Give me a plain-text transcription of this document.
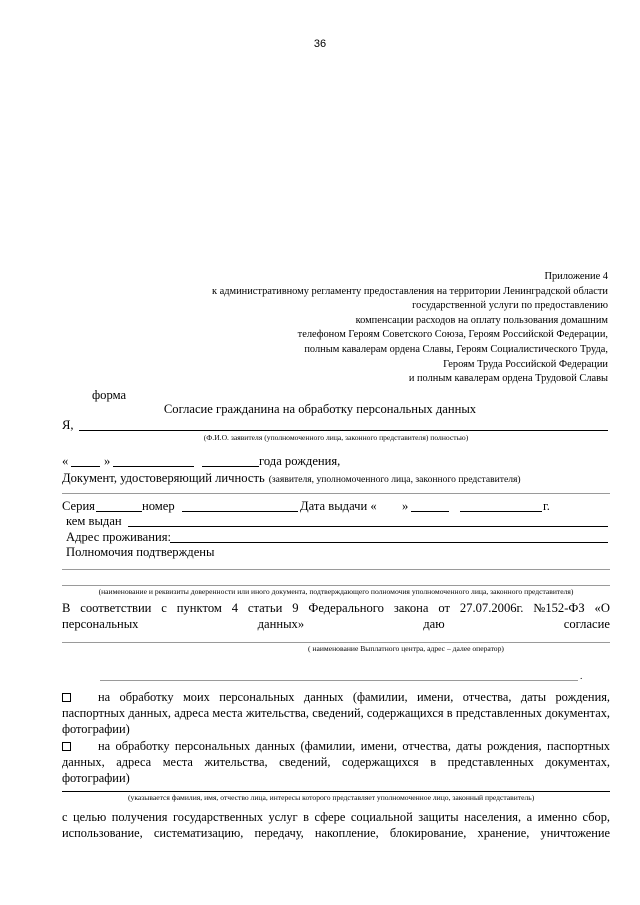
36
Приложение 4
к административному регламенту предоставления на территории Ленинградской области
государственной услуги по предоставлению
компенсации расходов на оплату пользования домашним
телефоном Героям Советского Союза, Героям Российской Федерации,
полным кавалерам ордена Славы, Героям Социалистического Труда,
Героям Труда Российской Федерации
и полным кавалерам ордена Трудовой Славы
форма
Согласие гражданина на обработку персональных данных
Я,
(Ф.И.О. заявителя (уполномоченного лица, законного представителя) полностью)
«	»	года рождения,
Документ, удостоверяющий личность (заявителя, уполномоченного лица, законного представителя)
Серия	номер	Дата выдачи « »	г.
кем выдан
Адрес проживания:
Полномочия подтверждены
(наименование и реквизиты доверенности или иного документа, подтверждающего полномочия уполномоченного лица, законного представителя)
В соответствии с пунктом 4 статьи 9 Федерального закона от 27.07.2006г. №152-ФЗ «О
персональных	данных»	даю	согласие
( наименование Выплатного центра, адрес – далее оператор)
.
на обработку моих персональных данных (фамилии, имени, отчества, даты рождения, паспортных данных, адреса места жительства, сведений, содержащихся в представленных документах, фотографии)
на обработку персональных данных (фамилии, имени, отчества, даты рождения, паспортных данных, адреса места жительства, сведений, содержащихся в представленных документах, фотографии)
(указывается фамилия, имя, отчество лица, интересы которого представляет уполномоченное лицо, законный представитель)
с целью получения государственных услуг в сфере социальной защиты населения, а именно сбор, использование, систематизацию, передачу, накопление, блокирование, хранение, уничтожение
